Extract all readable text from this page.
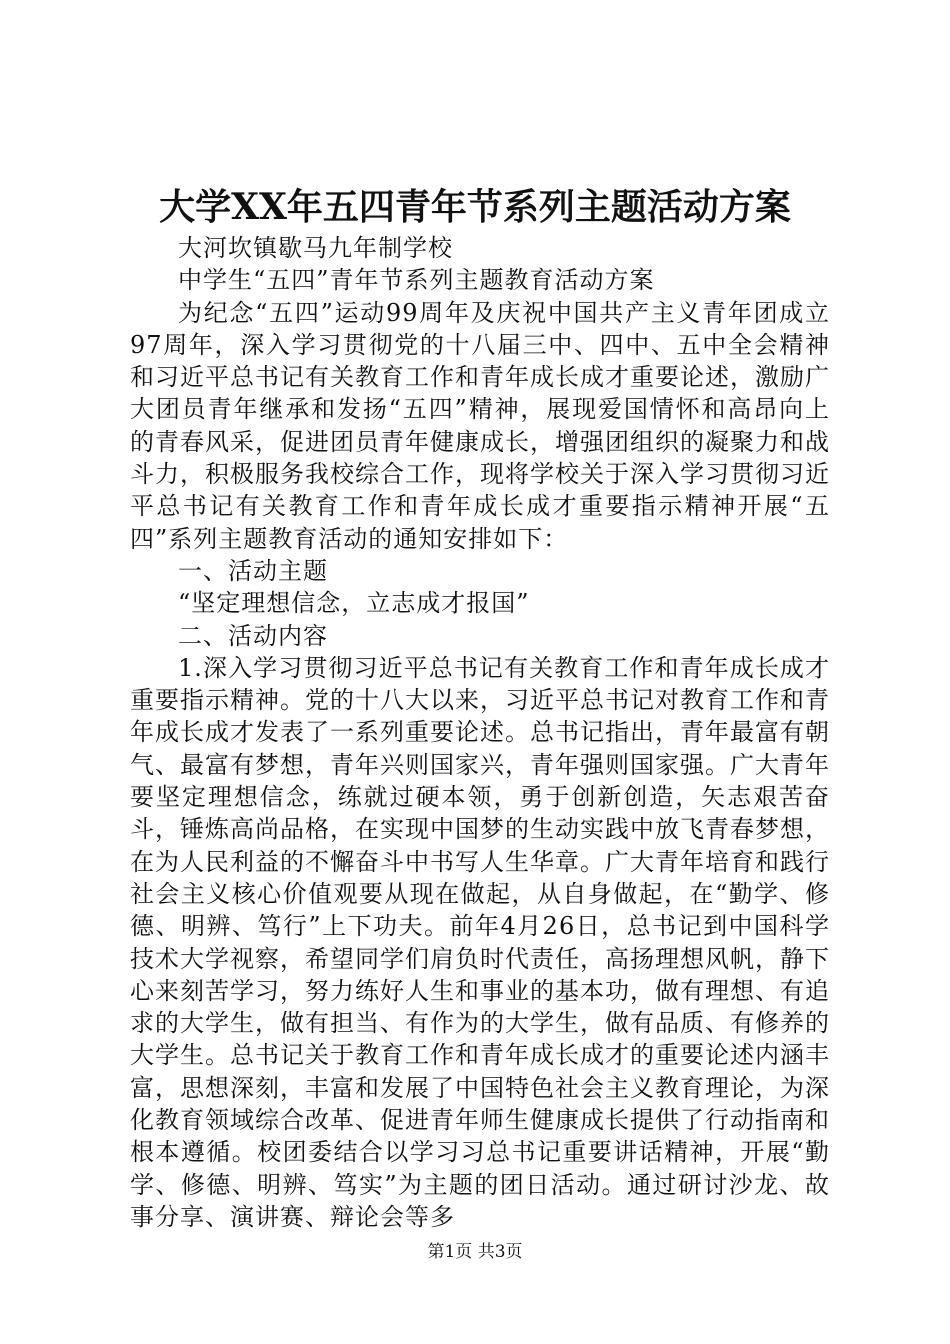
大学XX年五四青年节系列主题活动方案

大河坎镇歇马九年制学校

中学生“五四”青年节系列主题教育活动方案

为纪念“五四”运动99周年及庆祝中国共产主义青年团成立97周年，深入学习贯彻党的十八届三中、四中、五中全会精神和习近平总书记有关教育工作和青年成长成才重要论述，激励广大团员青年继承和发扬“五四”精神，展现爱国情怀和高昂向上的青春风采，促进团员青年健康成长，增强团组织的凝聚力和战斗力，积极服务我校综合工作，现将学校关于深入学习贯彻习近平总书记有关教育工作和青年成长成才重要指示精神开展“五四”系列主题教育活动的通知安排如下：

一、活动主题

“坚定理想信念，立志成才报国”

二、活动内容

1.深入学习贯彻习近平总书记有关教育工作和青年成长成才重要指示精神。党的十八大以来，习近平总书记对教育工作和青年成长成才发表了一系列重要论述。总书记指出，青年最富有朝气、最富有梦想，青年兴则国家兴，青年强则国家强。广大青年要坚定理想信念，练就过硬本领，勇于创新创造，矢志艰苦奋斗，锤炼高尚品格，在实现中国梦的生动实践中放飞青春梦想，在为人民利益的不懈奋斗中书写人生华章。广大青年培育和践行社会主义核心价值观要从现在做起，从自身做起，在“勤学、修德、明辨、笃行”上下功夫。前年4月26日，总书记到中国科学技术大学视察，希望同学们肩负时代责任，高扬理想风帆，静下心来刻苦学习，努力练好人生和事业的基本功，做有理想、有追求的大学生，做有担当、有作为的大学生，做有品质、有修养的大学生。总书记关于教育工作和青年成长成才的重要论述内涵丰富，思想深刻，丰富和发展了中国特色社会主义教育理论，为深化教育领域综合改革、促进青年师生健康成长提供了行动指南和根本遵循。校团委结合以学习习总书记重要讲话精神，开展“勤学、修德、明辨、笃实”为主题的团日活动。通过研讨沙龙、故事分享、演讲赛、辩论会等多

第1页 共3页
